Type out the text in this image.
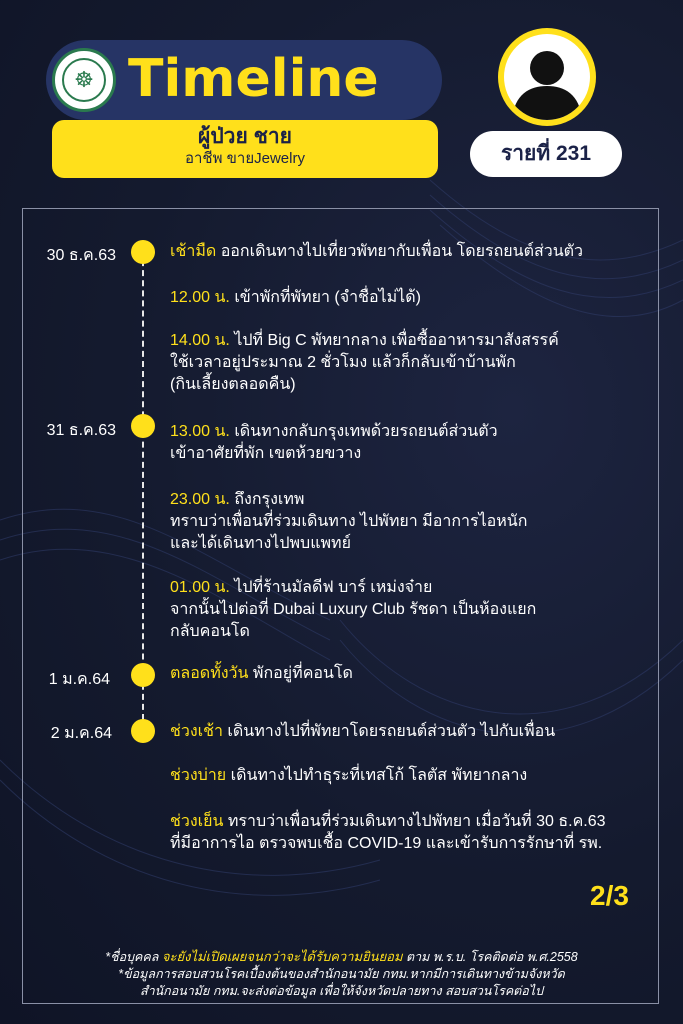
☸ Timeline
ผู้ป่วย ชาย
อาชีพ ขายJewelry	รายที่ 231
30 ธ.ค.63
31 ธ.ค.63
1 ม.ค.64
2 ม.ค.64
เช้ามืด ออกเดินทางไปเที่ยวพัทยากับเพื่อน โดยรถยนต์ส่วนตัว
12.00 น. เข้าพักที่พัทยา (จำชื่อไม่ได้)
14.00 น. ไปที่ Big C พัทยากลาง เพื่อซื้ออาหารมาสังสรรค์
ใช้เวลาอยู่ประมาณ 2 ชั่วโมง แล้วก็กลับเข้าบ้านพัก
(กินเลี้ยงตลอดคืน)
13.00 น. เดินทางกลับกรุงเทพด้วยรถยนต์ส่วนตัว
เข้าอาศัยที่พัก เขตห้วยขวาง
23.00 น. ถึงกรุงเทพ
ทราบว่าเพื่อนที่ร่วมเดินทาง ไปพัทยา มีอาการไอหนัก
และได้เดินทางไปพบแพทย์
01.00 น. ไปที่ร้านมัลดีฟ บาร์ เหม่งจ๋าย
จากนั้นไปต่อที่ Dubai Luxury Club รัชดา เป็นห้องแยก
กลับคอนโด
ตลอดทั้งวัน พักอยู่ที่คอนโด
ช่วงเช้า เดินทางไปที่พัทยาโดยรถยนต์ส่วนตัว ไปกับเพื่อน
ช่วงบ่าย เดินทางไปทำธุระที่เทสโก้ โลตัส พัทยากลาง
ช่วงเย็น ทราบว่าเพื่อนที่ร่วมเดินทางไปพัทยา เมื่อวันที่ 30 ธ.ค.63
ที่มีอาการไอ ตรวจพบเชื้อ COVID-19 และเข้ารับการรักษาที่ รพ.
2/3
*ชื่อบุคคล จะยังไม่เปิดเผยจนกว่าจะได้รับความยินยอม ตาม พ.ร.บ. โรคติดต่อ พ.ศ.2558
*ข้อมูลการสอบสวนโรคเบื้องต้นของสำนักอนามัย กทม.หากมีการเดินทางข้ามจังหวัด
สำนักอนามัย กทม.จะส่งต่อข้อมูล เพื่อให้จังหวัดปลายทาง สอบสวนโรคต่อไป
